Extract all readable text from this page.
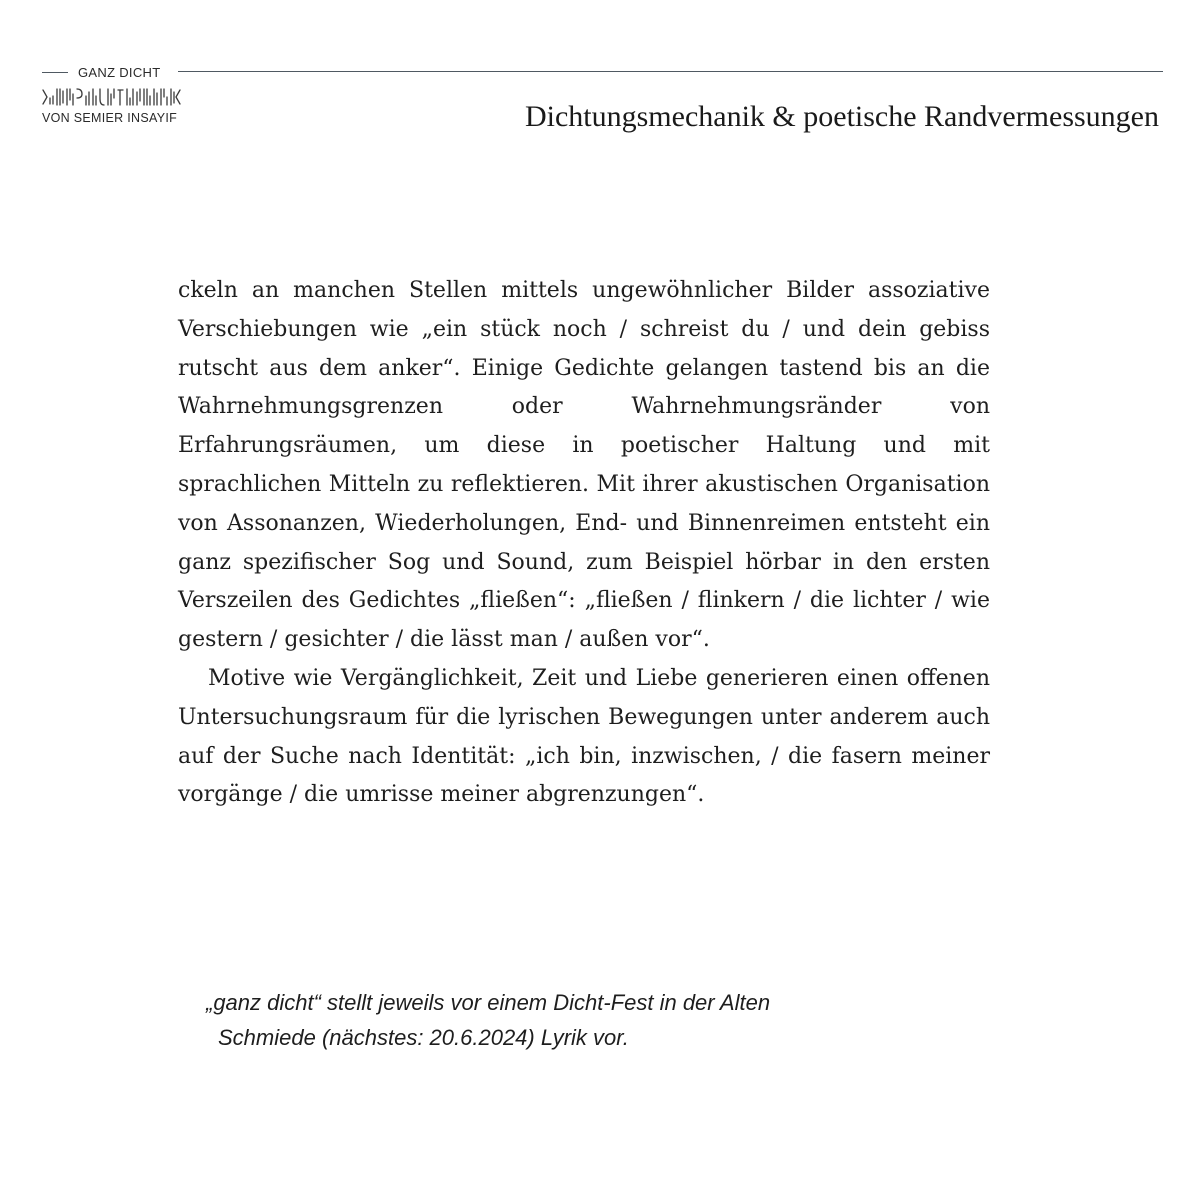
GANZ DICHT
VON SEMIER INSAYIF	Dichtungsmechanik & poetische Randvermessungen

ckeln an manchen Stellen mittels ungewöhnlicher Bilder assoziative Verschiebungen wie „ein stück noch / schreist du / und dein gebiss rutscht aus dem anker“. Einige Gedichte gelangen tastend bis an die Wahrnehmungsgrenzen oder Wahrnehmungsränder von Erfahrungsräumen, um diese in poetischer Haltung und mit sprachlichen Mitteln zu reflektieren. Mit ihrer akustischen Organisation von Assonanzen, Wiederholungen, End- und Binnenreimen entsteht ein ganz spezifischer Sog und Sound, zum Beispiel hörbar in den ersten Verszeilen des Gedichtes „fließen“: „fließen / flinkern / die lichter / wie gestern / gesichter / die lässt man / außen vor“.

Motive wie Vergänglichkeit, Zeit und Liebe generieren einen offenen Untersuchungsraum für die lyrischen Bewegungen unter anderem auch auf der Suche nach Identität: „ich bin, inzwischen, / die fasern meiner vorgänge / die umrisse meiner abgrenzungen“.

„ganz dicht“ stellt jeweils vor einem Dicht-Fest in der Alten
Schmiede (nächstes: 20.6.2024) Lyrik vor.
